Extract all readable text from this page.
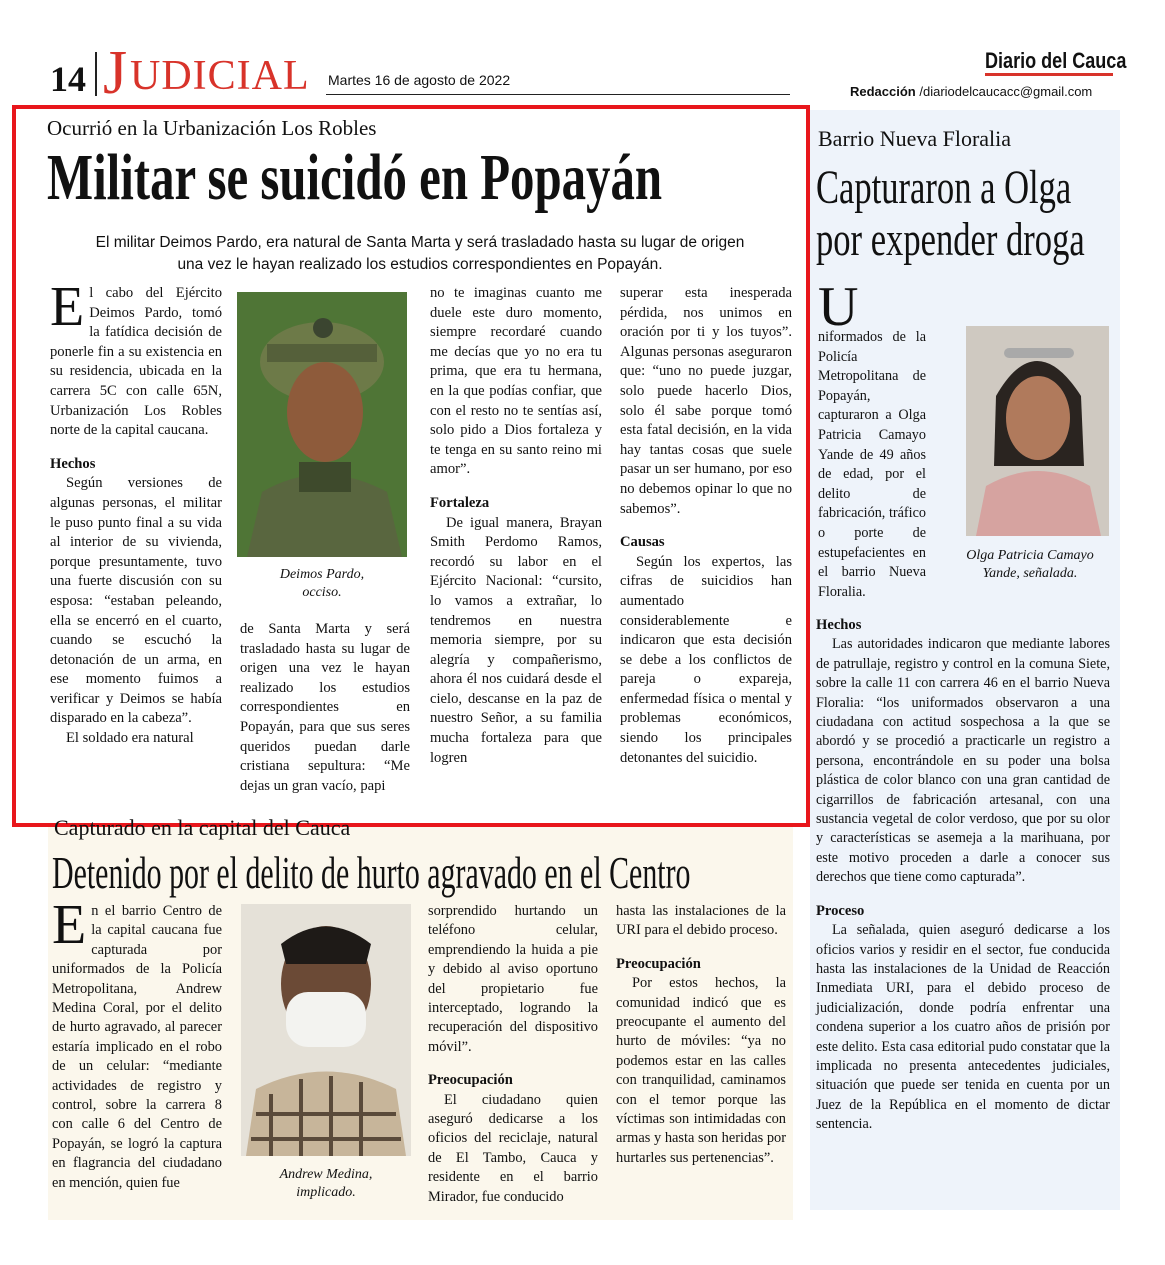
14 J UDICIAL Martes 16 de agosto de 2022
Diario del Cauca
Redacción /diariodelcaucacc@gmail.com
Ocurrió en la Urbanización Los Robles
Militar se suicidó en Popayán
El militar Deimos Pardo, era natural de Santa Marta y será trasladado hasta su lugar de origen
una vez le hayan realizado los estudios correspondientes en Popayán.

El cabo del Ejército Deimos Pardo, tomó la fatídica decisión de ponerle fin a su existencia en su residencia, ubicada en la carrera 5C con calle 65N, Urbanización Los Robles norte de la capital caucana.

Hechos

Según versiones de algunas personas, el militar le puso punto final a su vida al interior de su vivienda, porque presuntamente, tuvo una fuerte discusión con su esposa: “estaban peleando, ella se encerró en el cuarto, cuando se escuchó la detonación de un arma, en ese momento fuimos a verificar y Deimos se había disparado en la cabeza”.

El soldado era natural

Deimos Pardo,
occiso.

de Santa Marta y será trasladado hasta su lugar de origen una vez le hayan realizado los estudios correspondientes en Popayán, para que sus seres queridos puedan darle cristiana sepultura: “Me dejas un gran vacío, papi

no te imaginas cuanto me duele este duro momento, siempre recordaré cuando me decías que yo no era tu prima, que era tu hermana, en la que podías confiar, que con el resto no te sentías así, solo pido a Dios fortaleza y te tenga en su santo reino mi amor”.

Fortaleza

De igual manera, Brayan Smith Perdomo Ramos, recordó su labor en el Ejército Nacional: “cursito, lo vamos a extrañar, lo tendremos en nuestra memoria siempre, por su alegría y compañerismo, ahora él nos cuidará desde el cielo, descanse en la paz de nuestro Señor, a su familia mucha fortaleza para que logren

superar esta inesperada pérdida, nos unimos en oración por ti y los tuyos”. Algunas personas aseguraron que: “uno no puede juzgar, solo puede hacerlo Dios, solo él sabe porque tomó esta fatal decisión, en la vida hay tantas cosas que suele pasar un ser humano, por eso no debemos opinar lo que no sabemos”.

Causas

Según los expertos, las cifras de suicidios han aumentado considerablemente e indicaron que esta decisión se debe a los conflictos de pareja o expareja, enfermedad física o mental y problemas económicos, siendo los principales detonantes del suicidio.

Barrio Nueva Floralia
Capturaron a Olga
por expender droga

U
niformados de la Policía Metropolitana de Popayán, capturaron a Olga Patricia Camayo Yande de 49 años de edad, por el delito de fabricación, tráfico o porte de estupefacientes en el barrio Nueva Floralia.

Olga Patricia Camayo
Yande, señalada.

Hechos

Las autoridades indicaron que mediante labores de patrullaje, registro y control en la comuna Siete, sobre la calle 11 con carrera 46 en el barrio Nueva Floralia: “los uniformados observaron a una ciudadana con actitud sospechosa a la que se abordó y se procedió a practicarle un registro a persona, encontrándole en su poder una bolsa plástica de color blanco con una gran cantidad de cigarrillos de fabricación artesanal, con una sustancia vegetal de color verdoso, que por su olor y características se asemeja a la marihuana, por este motivo proceden a darle a conocer sus derechos que tiene como capturada”.

Proceso

La señalada, quien aseguró dedicarse a los oficios varios y residir en el sector, fue conducida hasta las instalaciones de la Unidad de Reacción Inmediata URI, para el debido proceso de judicialización, donde podría enfrentar una condena superior a los cuatro años de prisión por este delito. Esta casa editorial pudo constatar que la implicada no presenta antecedentes judiciales, situación que puede ser tenida en cuenta por un Juez de la República en el momento de dictar sentencia.

Capturado en la capital del Cauca
Detenido por el delito de hurto agravado en el Centro

En el barrio Centro de la capital caucana fue capturada por uniformados de la Policía Metropolitana, Andrew Medina Coral, por el delito de hurto agravado, al parecer estaría implicado en el robo de un celular: “mediante actividades de registro y control, sobre la carrera 8 con calle 6 del Centro de Popayán, se logró la captura en flagrancia del ciudadano en mención, quien fue

Andrew Medina,
implicado.

sorprendido hurtando un teléfono celular, emprendiendo la huida a pie y debido al aviso oportuno del propietario fue interceptado, logrando la recuperación del dispositivo móvil”.

Preocupación

El ciudadano quien aseguró dedicarse a los oficios del reciclaje, natural de El Tambo, Cauca y residente en el barrio Mirador, fue conducido

hasta las instalaciones de la URI para el debido proceso.

Preocupación

Por estos hechos, la comunidad indicó que es preocupante el aumento del hurto de móviles: “ya no podemos estar en las calles con tranquilidad, caminamos con el temor porque las víctimas son intimidadas con armas y hasta son heridas por hurtarles sus pertenencias”.
